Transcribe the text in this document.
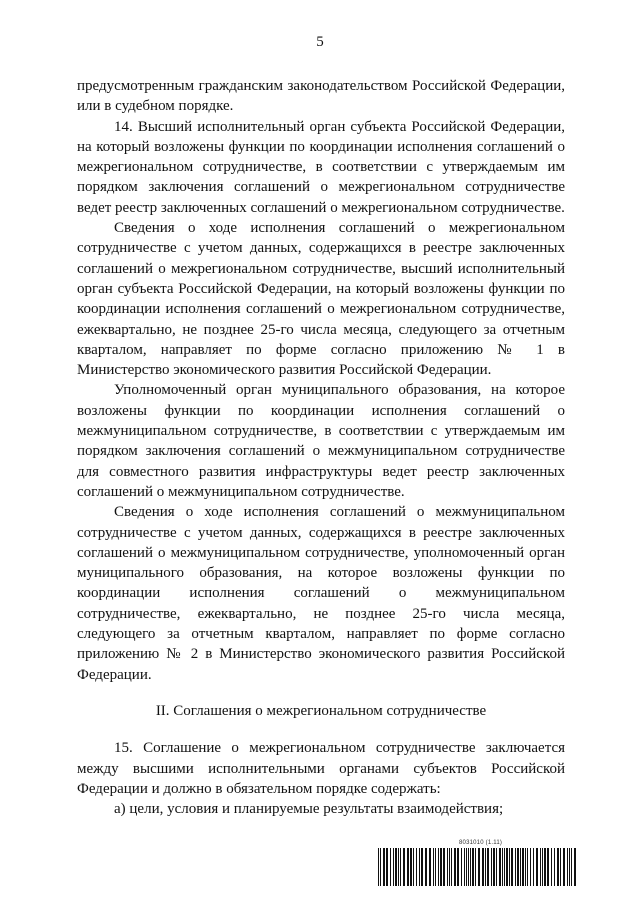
5

предусмотренным гражданским законодательством Российской Федерации, или в судебном порядке.

14. Высший исполнительный орган субъекта Российской Федерации, на который возложены функции по координации исполнения соглашений о межрегиональном сотрудничестве, в соответствии с утверждаемым им порядком заключения соглашений о межрегиональном сотрудничестве ведет реестр заключенных соглашений о межрегиональном сотрудничестве.

Сведения о ходе исполнения соглашений о межрегиональном сотрудничестве с учетом данных, содержащихся в реестре заключенных соглашений о межрегиональном сотрудничестве, высший исполнительный орган субъекта Российской Федерации, на который возложены функции по координации исполнения соглашений о межрегиональном сотрудничестве, ежеквартально, не позднее 25-го числа месяца, следующего за отчетным кварталом, направляет по форме согласно приложению № 1 в Министерство экономического развития Российской Федерации.

Уполномоченный орган муниципального образования, на которое возложены функции по координации исполнения соглашений о межмуниципальном сотрудничестве, в соответствии с утверждаемым им порядком заключения соглашений о межмуниципальном сотрудничестве для совместного развития инфраструктуры ведет реестр заключенных соглашений о межмуниципальном сотрудничестве.

Сведения о ходе исполнения соглашений о межмуниципальном сотрудничестве с учетом данных, содержащихся в реестре заключенных соглашений о межмуниципальном сотрудничестве, уполномоченный орган муниципального образования, на которое возложены функции по координации исполнения соглашений о межмуниципальном сотрудничестве, ежеквартально, не позднее 25-го числа месяца, следующего за отчетным кварталом, направляет по форме согласно приложению № 2 в Министерство экономического развития Российской Федерации.

II. Соглашения о межрегиональном сотрудничестве

15. Соглашение о межрегиональном сотрудничестве заключается между высшими исполнительными органами субъектов Российской Федерации и должно в обязательном порядке содержать:

а) цели, условия и планируемые результаты взаимодействия;

8031010 (1.11)
